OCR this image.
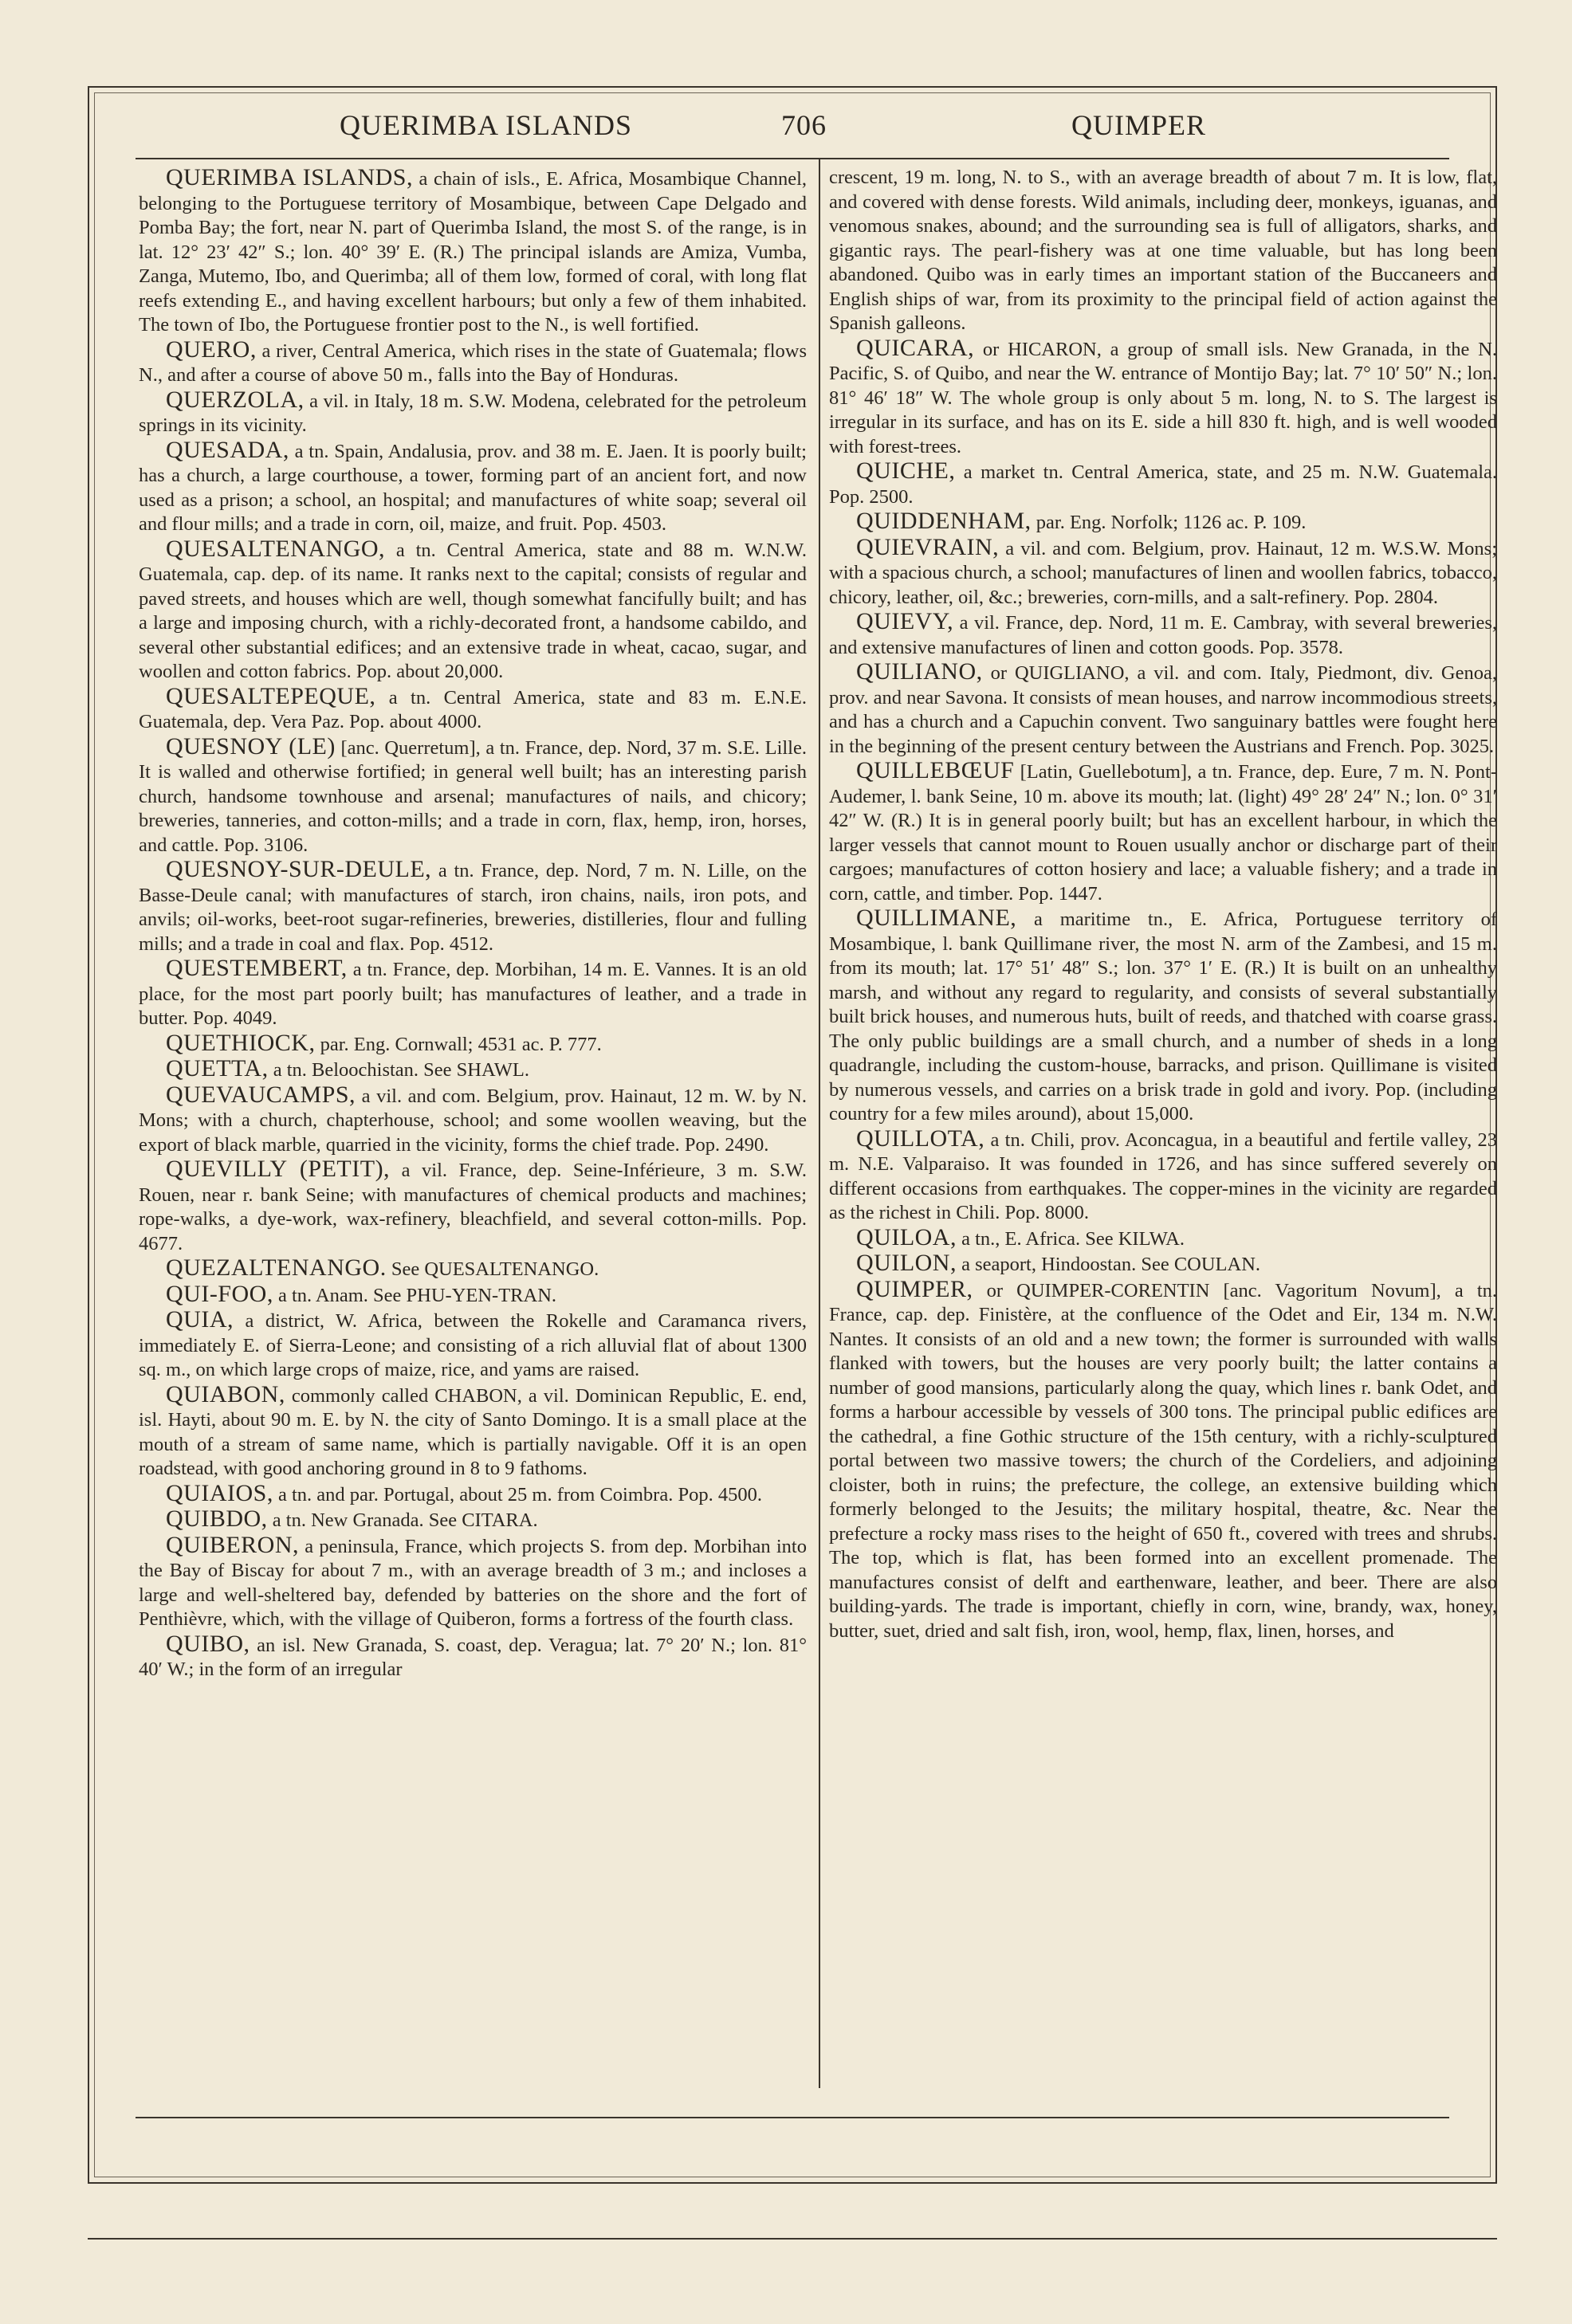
QUERIMBA ISLANDS	706	QUIMPER

QUERIMBA ISLANDS, a chain of isls., E. Africa, Mosambique Channel, belonging to the Portuguese territory of Mosambique, between Cape Delgado and Pomba Bay; the fort, near N. part of Querimba Island, the most S. of the range, is in lat. 12° 23′ 42″ S.; lon. 40° 39′ E. (R.) The principal islands are Amiza, Vumba, Zanga, Mutemo, Ibo, and Querimba; all of them low, formed of coral, with long flat reefs extending E., and having excellent harbours; but only a few of them inhabited. The town of Ibo, the Portuguese frontier post to the N., is well fortified.

QUERO, a river, Central America, which rises in the state of Guatemala; flows N., and after a course of above 50 m., falls into the Bay of Honduras.

QUERZOLA, a vil. in Italy, 18 m. S.W. Modena, celebrated for the petroleum springs in its vicinity.

QUESADA, a tn. Spain, Andalusia, prov. and 38 m. E. Jaen. It is poorly built; has a church, a large courthouse, a tower, forming part of an ancient fort, and now used as a prison; a school, an hospital; and manufactures of white soap; several oil and flour mills; and a trade in corn, oil, maize, and fruit. Pop. 4503.

QUESALTENANGO, a tn. Central America, state and 88 m. W.N.W. Guatemala, cap. dep. of its name. It ranks next to the capital; consists of regular and paved streets, and houses which are well, though somewhat fancifully built; and has a large and imposing church, with a richly-decorated front, a handsome cabildo, and several other substantial edifices; and an extensive trade in wheat, cacao, sugar, and woollen and cotton fabrics. Pop. about 20,000.

QUESALTEPEQUE, a tn. Central America, state and 83 m. E.N.E. Guatemala, dep. Vera Paz. Pop. about 4000.

QUESNOY (LE) [anc. Querretum], a tn. France, dep. Nord, 37 m. S.E. Lille. It is walled and otherwise fortified; in general well built; has an interesting parish church, handsome townhouse and arsenal; manufactures of nails, and chicory; breweries, tanneries, and cotton-mills; and a trade in corn, flax, hemp, iron, horses, and cattle. Pop. 3106.

QUESNOY-SUR-DEULE, a tn. France, dep. Nord, 7 m. N. Lille, on the Basse-Deule canal; with manufactures of starch, iron chains, nails, iron pots, and anvils; oil-works, beet-root sugar-refineries, breweries, distilleries, flour and fulling mills; and a trade in coal and flax. Pop. 4512.

QUESTEMBERT, a tn. France, dep. Morbihan, 14 m. E. Vannes. It is an old place, for the most part poorly built; has manufactures of leather, and a trade in butter. Pop. 4049.

QUETHIOCK, par. Eng. Cornwall; 4531 ac. P. 777.

QUETTA, a tn. Beloochistan. See SHAWL.

QUEVAUCAMPS, a vil. and com. Belgium, prov. Hainaut, 12 m. W. by N. Mons; with a church, chapterhouse, school; and some woollen weaving, but the export of black marble, quarried in the vicinity, forms the chief trade. Pop. 2490.

QUEVILLY (PETIT), a vil. France, dep. Seine-Inférieure, 3 m. S.W. Rouen, near r. bank Seine; with manufactures of chemical products and machines; rope-walks, a dye-work, wax-refinery, bleachfield, and several cotton-mills. Pop. 4677.

QUEZALTENANGO. See QUESALTENANGO.

QUI-FOO, a tn. Anam. See PHU-YEN-TRAN.

QUIA, a district, W. Africa, between the Rokelle and Caramanca rivers, immediately E. of Sierra-Leone; and consisting of a rich alluvial flat of about 1300 sq. m., on which large crops of maize, rice, and yams are raised.

QUIABON, commonly called CHABON, a vil. Dominican Republic, E. end, isl. Hayti, about 90 m. E. by N. the city of Santo Domingo. It is a small place at the mouth of a stream of same name, which is partially navigable. Off it is an open roadstead, with good anchoring ground in 8 to 9 fathoms.

QUIAIOS, a tn. and par. Portugal, about 25 m. from Coimbra. Pop. 4500.

QUIBDO, a tn. New Granada. See CITARA.

QUIBERON, a peninsula, France, which projects S. from dep. Morbihan into the Bay of Biscay for about 7 m., with an average breadth of 3 m.; and incloses a large and well-sheltered bay, defended by batteries on the shore and the fort of Penthièvre, which, with the village of Quiberon, forms a fortress of the fourth class.

QUIBO, an isl. New Granada, S. coast, dep. Veragua; lat. 7° 20′ N.; lon. 81° 40′ W.; in the form of an irregular

crescent, 19 m. long, N. to S., with an average breadth of about 7 m. It is low, flat, and covered with dense forests. Wild animals, including deer, monkeys, iguanas, and venomous snakes, abound; and the surrounding sea is full of alligators, sharks, and gigantic rays. The pearl-fishery was at one time valuable, but has long been abandoned. Quibo was in early times an important station of the Buccaneers and English ships of war, from its proximity to the principal field of action against the Spanish galleons.

QUICARA, or HICARON, a group of small isls. New Granada, in the N. Pacific, S. of Quibo, and near the W. entrance of Montijo Bay; lat. 7° 10′ 50″ N.; lon. 81° 46′ 18″ W. The whole group is only about 5 m. long, N. to S. The largest is irregular in its surface, and has on its E. side a hill 830 ft. high, and is well wooded with forest-trees.

QUICHE, a market tn. Central America, state, and 25 m. N.W. Guatemala. Pop. 2500.

QUIDDENHAM, par. Eng. Norfolk; 1126 ac. P. 109.

QUIEVRAIN, a vil. and com. Belgium, prov. Hainaut, 12 m. W.S.W. Mons; with a spacious church, a school; manufactures of linen and woollen fabrics, tobacco, chicory, leather, oil, &c.; breweries, corn-mills, and a salt-refinery. Pop. 2804.

QUIEVY, a vil. France, dep. Nord, 11 m. E. Cambray, with several breweries, and extensive manufactures of linen and cotton goods. Pop. 3578.

QUILIANO, or QUIGLIANO, a vil. and com. Italy, Piedmont, div. Genoa, prov. and near Savona. It consists of mean houses, and narrow incommodious streets, and has a church and a Capuchin convent. Two sanguinary battles were fought here in the beginning of the present century between the Austrians and French. Pop. 3025.

QUILLEBŒUF [Latin, Guellebotum], a tn. France, dep. Eure, 7 m. N. Pont-Audemer, l. bank Seine, 10 m. above its mouth; lat. (light) 49° 28′ 24″ N.; lon. 0° 31′ 42″ W. (R.) It is in general poorly built; but has an excellent harbour, in which the larger vessels that cannot mount to Rouen usually anchor or discharge part of their cargoes; manufactures of cotton hosiery and lace; a valuable fishery; and a trade in corn, cattle, and timber. Pop. 1447.

QUILLIMANE, a maritime tn., E. Africa, Portuguese territory of Mosambique, l. bank Quillimane river, the most N. arm of the Zambesi, and 15 m. from its mouth; lat. 17° 51′ 48″ S.; lon. 37° 1′ E. (R.) It is built on an unhealthy marsh, and without any regard to regularity, and consists of several substantially built brick houses, and numerous huts, built of reeds, and thatched with coarse grass. The only public buildings are a small church, and a number of sheds in a long quadrangle, including the custom-house, barracks, and prison. Quillimane is visited by numerous vessels, and carries on a brisk trade in gold and ivory. Pop. (including country for a few miles around), about 15,000.

QUILLOTA, a tn. Chili, prov. Aconcagua, in a beautiful and fertile valley, 23 m. N.E. Valparaiso. It was founded in 1726, and has since suffered severely on different occasions from earthquakes. The copper-mines in the vicinity are regarded as the richest in Chili. Pop. 8000.

QUILOA, a tn., E. Africa. See KILWA.

QUILON, a seaport, Hindoostan. See COULAN.

QUIMPER, or QUIMPER-CORENTIN [anc. Vagoritum Novum], a tn. France, cap. dep. Finistère, at the confluence of the Odet and Eir, 134 m. N.W. Nantes. It consists of an old and a new town; the former is surrounded with walls flanked with towers, but the houses are very poorly built; the latter contains a number of good mansions, particularly along the quay, which lines r. bank Odet, and forms a harbour accessible by vessels of 300 tons. The principal public edifices are the cathedral, a fine Gothic structure of the 15th century, with a richly-sculptured portal between two massive towers; the church of the Cordeliers, and adjoining cloister, both in ruins; the prefecture, the college, an extensive building which formerly belonged to the Jesuits; the military hospital, theatre, &c. Near the prefecture a rocky mass rises to the height of 650 ft., covered with trees and shrubs. The top, which is flat, has been formed into an excellent promenade. The manufactures consist of delft and earthenware, leather, and beer. There are also building-yards. The trade is important, chiefly in corn, wine, brandy, wax, honey, butter, suet, dried and salt fish, iron, wool, hemp, flax, linen, horses, and
